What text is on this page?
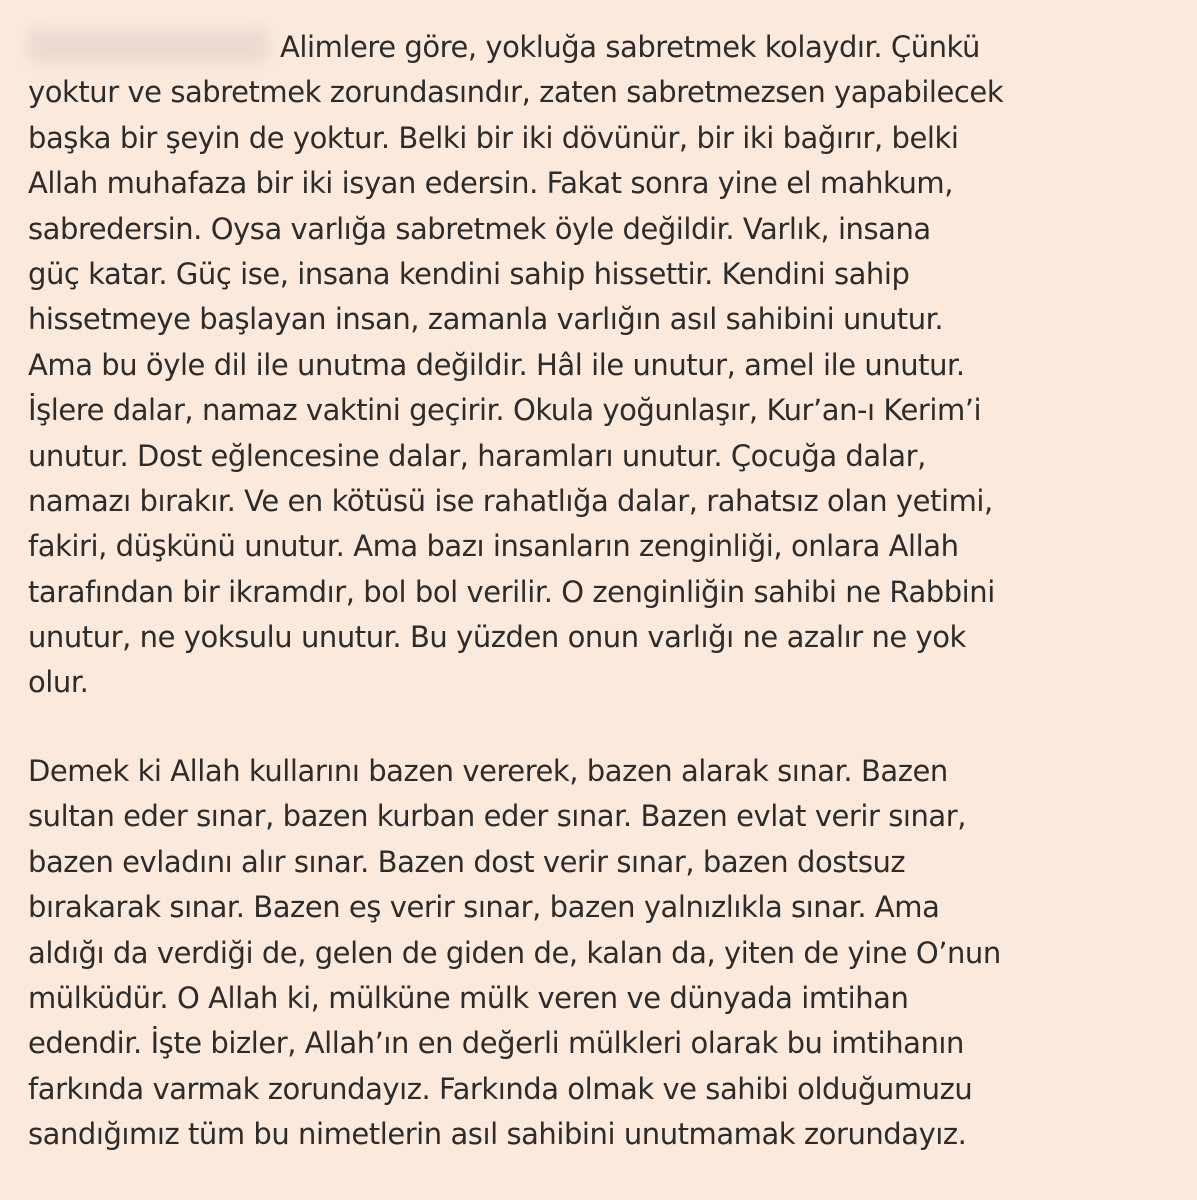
Alimlere göre, yokluğa sabretmek kolaydır. Çünkü
yoktur ve sabretmek zorundasındır, zaten sabretmezsen yapabilecek
başka bir şeyin de yoktur. Belki bir iki dövünür, bir iki bağırır, belki
Allah muhafaza bir iki isyan edersin. Fakat sonra yine el mahkum,
sabredersin. Oysa varlığa sabretmek öyle değildir. Varlık, insana
güç katar. Güç ise, insana kendini sahip hissettir. Kendini sahip
hissetmeye başlayan insan, zamanla varlığın asıl sahibini unutur.
Ama bu öyle dil ile unutma değildir. Hâl ile unutur, amel ile unutur.
İşlere dalar, namaz vaktini geçirir. Okula yoğunlaşır, Kur’an-ı Kerim’i
unutur. Dost eğlencesine dalar, haramları unutur. Çocuğa dalar,
namazı bırakır. Ve en kötüsü ise rahatlığa dalar, rahatsız olan yetimi,
fakiri, düşkünü unutur. Ama bazı insanların zenginliği, onlara Allah
tarafından bir ikramdır, bol bol verilir. O zenginliğin sahibi ne Rabbini
unutur, ne yoksulu unutur. Bu yüzden onun varlığı ne azalır ne yok
olur.
Demek ki Allah kullarını bazen vererek, bazen alarak sınar. Bazen
sultan eder sınar, bazen kurban eder sınar. Bazen evlat verir sınar,
bazen evladını alır sınar. Bazen dost verir sınar, bazen dostsuz
bırakarak sınar. Bazen eş verir sınar, bazen yalnızlıkla sınar. Ama
aldığı da verdiği de, gelen de giden de, kalan da, yiten de yine O’nun
mülküdür. O Allah ki, mülküne mülk veren ve dünyada imtihan
edendir. İşte bizler, Allah’ın en değerli mülkleri olarak bu imtihanın
farkında varmak zorundayız. Farkında olmak ve sahibi olduğumuzu
sandığımız tüm bu nimetlerin asıl sahibini unutmamak zorundayız.
